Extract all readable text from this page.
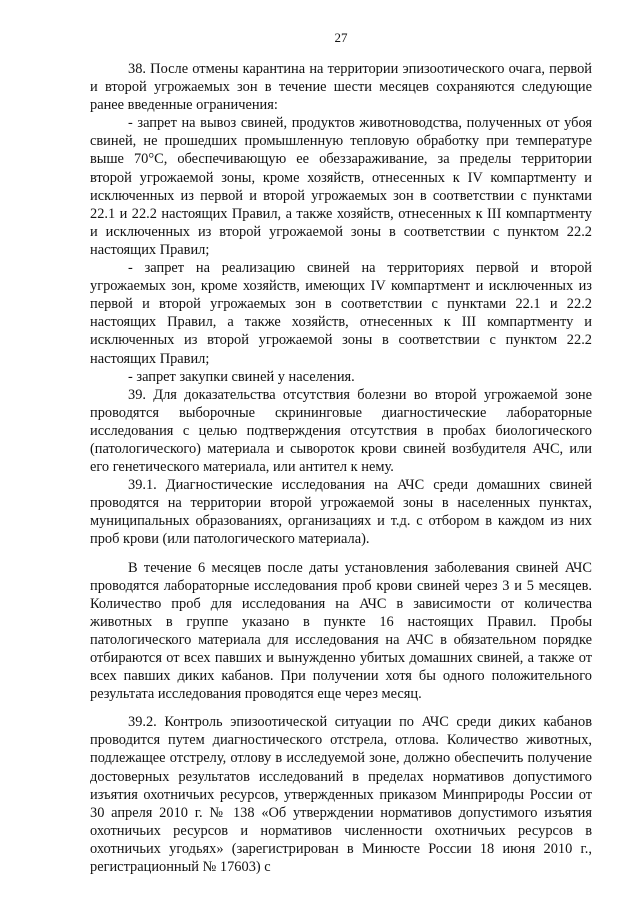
27

38. После отмены карантина на территории эпизоотического очага, первой и второй угрожаемых зон в течение шести месяцев сохраняются следующие ранее введенные ограничения:

- запрет на вывоз свиней, продуктов животноводства, полученных от убоя свиней, не прошедших промышленную тепловую обработку при температуре выше 70°С, обеспечивающую ее обеззараживание, за пределы территории второй угрожаемой зоны, кроме хозяйств, отнесенных к IV компартменту и исключенных из первой и второй угрожаемых зон в соответствии с пунктами 22.1 и 22.2 настоящих Правил, а также хозяйств, отнесенных к III компартменту и исключенных из второй угрожаемой зоны в соответствии с пунктом 22.2 настоящих Правил;

- запрет на реализацию свиней на территориях первой и второй угрожаемых зон, кроме хозяйств, имеющих IV компартмент и исключенных из первой и второй угрожаемых зон в соответствии с пунктами 22.1 и 22.2 настоящих Правил, а также хозяйств, отнесенных к III компартменту и исключенных из второй угрожаемой зоны в соответствии с пунктом 22.2 настоящих Правил;

- запрет закупки свиней у населения.

39. Для доказательства отсутствия болезни во второй угрожаемой зоне проводятся выборочные скрининговые диагностические лабораторные исследования с целью подтверждения отсутствия в пробах биологического (патологического) материала и сывороток крови свиней возбудителя АЧС, или его генетического материала, или антител к нему.

39.1. Диагностические исследования на АЧС среди домашних свиней проводятся на территории второй угрожаемой зоны в населенных пунктах, муниципальных образованиях, организациях и т.д. с отбором в каждом из них проб крови (или патологического материала).

В течение 6 месяцев после даты установления заболевания свиней АЧС проводятся лабораторные исследования проб крови свиней через 3 и 5 месяцев. Количество проб для исследования на АЧС в зависимости от количества животных в группе указано в пункте 16 настоящих Правил. Пробы патологического материала для исследования на АЧС в обязательном порядке отбираются от всех павших и вынужденно убитых домашних свиней, а также от всех павших диких кабанов. При получении хотя бы одного положительного результата исследования проводятся еще через месяц.

39.2. Контроль эпизоотической ситуации по АЧС среди диких кабанов проводится путем диагностического отстрела, отлова. Количество животных, подлежащее отстрелу, отлову в исследуемой зоне, должно обеспечить получение достоверных результатов исследований в пределах нормативов допустимого изъятия охотничьих ресурсов, утвержденных приказом Минприроды России от 30 апреля 2010 г. № 138 «Об утверждении нормативов допустимого изъятия охотничьих ресурсов и нормативов численности охотничьих ресурсов в охотничьих угодьях» (зарегистрирован в Минюсте России 18 июня 2010 г., регистрационный № 17603) с
